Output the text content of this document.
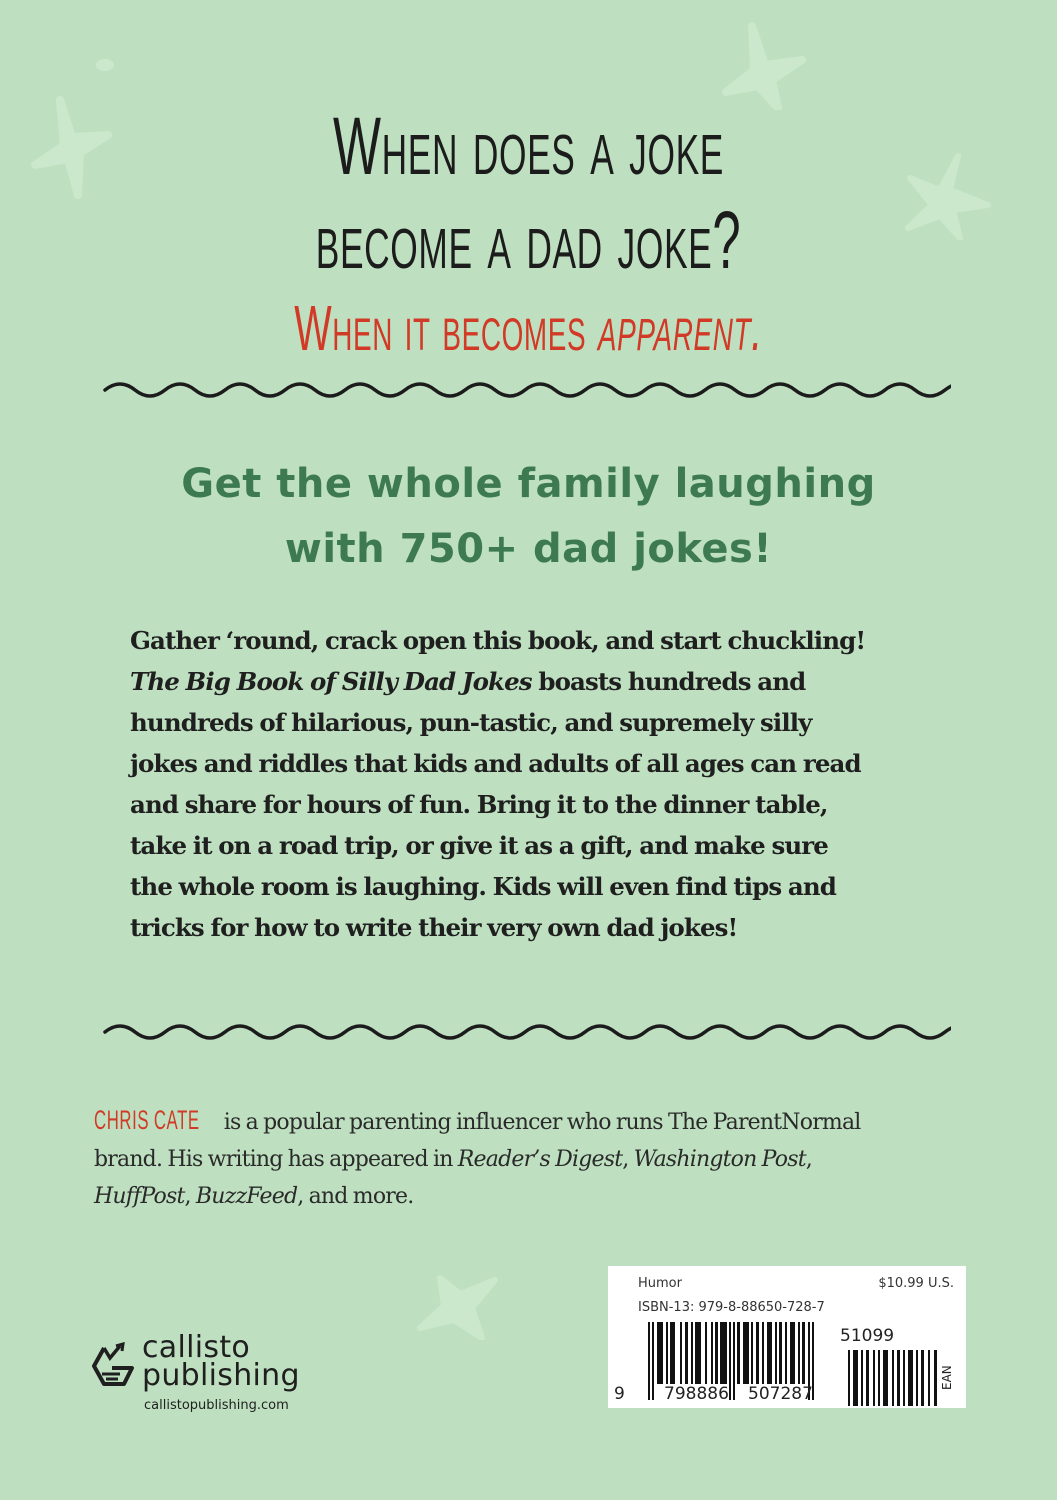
When does a joke
become a dad joke?
When it becomes apparent.
Get the whole family laughing
with 750+ dad jokes!

Gather ‘round, crack open this book, and start chuckling!

The Big Book of Silly Dad Jokes boasts hundreds and

hundreds of hilarious, pun-tastic, and supremely silly

jokes and riddles that kids and adults of all ages can read

and share for hours of fun. Bring it to the dinner table,

take it on a road trip, or give it as a gift, and make sure

the whole room is laughing. Kids will even find tips and

tricks for how to write their very own dad jokes!

CHRIS CATE is a popular parenting influencer who runs The ParentNormal

brand. His writing has appeared in Reader’s Digest, Washington Post,

HuffPost, BuzzFeed, and more.

callisto
publishing
callistopublishing.com
Humor	$10.99 U.S.
ISBN-13: 979-8-88650-728-7
9 798886 507287
51099
EAN
